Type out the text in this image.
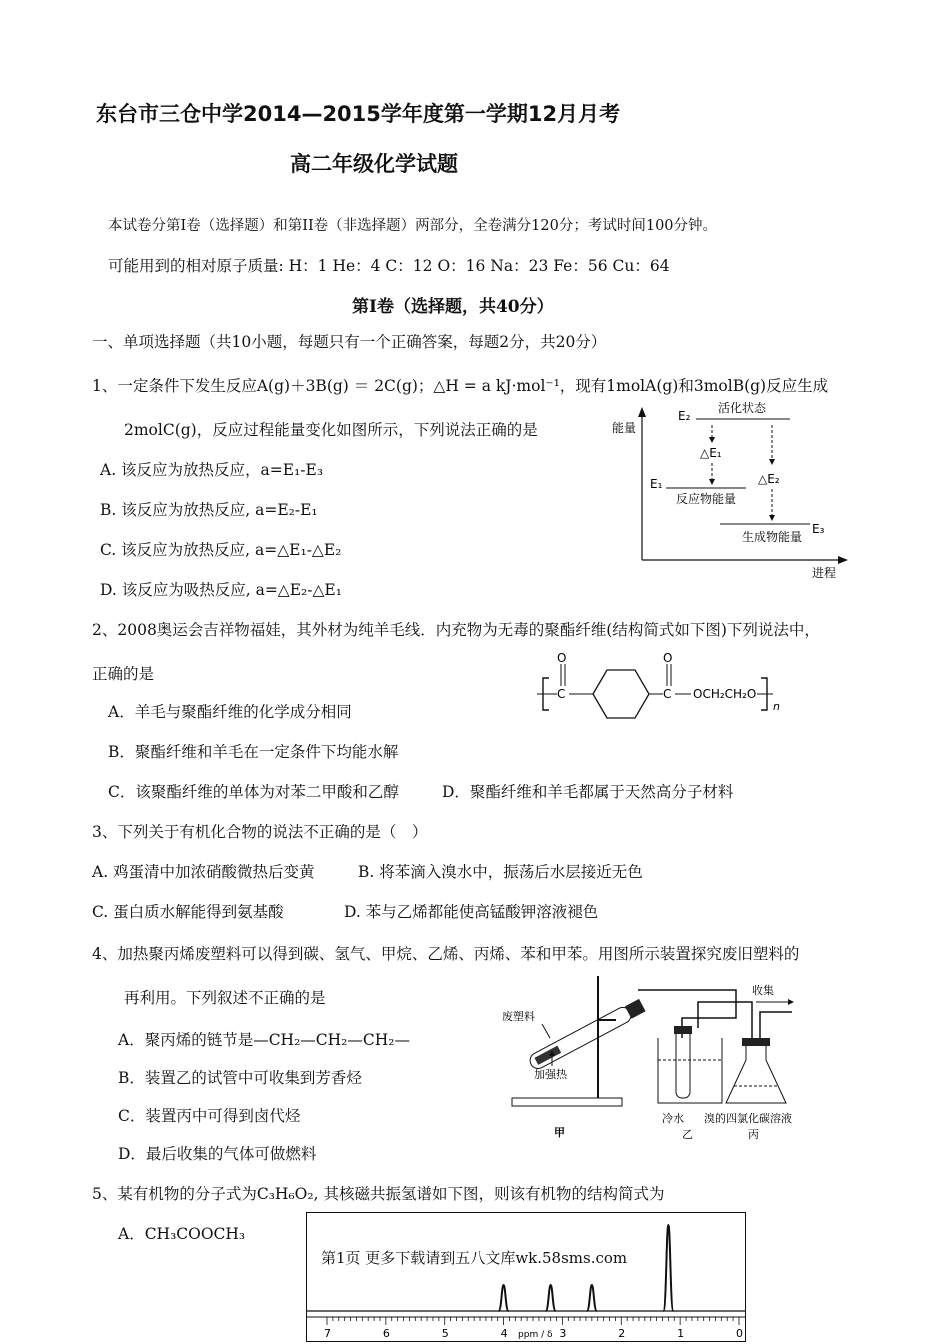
东台市三仓中学2014—2015学年度第一学期12月月考
高二年级化学试题
本试卷分第Ⅰ卷（选择题）和第II卷（非选择题）两部分，全卷满分120分；考试时间100分钟。
可能用到的相对原子质量: H：1 He：4 C：12 O：16 Na：23 Fe：56 Cu：64
第Ⅰ卷（选择题，共40分）
一、单项选择题（共10小题，每题只有一个正确答案，每题2分，共20分）
1、一定条件下发生反应A(g)＋3B(g) ＝ 2C(g)；△H = a kJ·mol⁻¹，现有1molA(g)和3molB(g)反应生成
2molC(g)，反应过程能量变化如图所示，下列说法正确的是
A. 该反应为放热反应，a=E₁-E₃
B. 该反应为放热反应, a=E₂-E₁
C. 该反应为放热反应, a=△E₁-△E₂
D. 该反应为吸热反应, a=△E₂-△E₁
能量
进程
E₂
活化状态
E₁
反应物能量
E₃
生成物能量
△E₁
△E₂
2、2008奥运会吉祥物福娃，其外材为纯羊毛线．内充物为无毒的聚酯纤维(结构简式如下图)下列说法中，
正确的是
A．羊毛与聚酯纤维的化学成分相同
B．聚酯纤维和羊毛在一定条件下均能水解
C．该聚酯纤维的单体为对苯二甲酸和乙醇	D．聚酯纤维和羊毛都属于天然高分子材料
C
O
C
O
OCH₂CH₂O
n
3、下列关于有机化合物的说法不正确的是（　）
A. 鸡蛋清中加浓硝酸微热后变黄	B. 将苯滴入溴水中，振荡后水层接近无色
C. 蛋白质水解能得到氨基酸	D. 苯与乙烯都能使高锰酸钾溶液褪色
4、加热聚丙烯废塑料可以得到碳、氢气、甲烷、乙烯、丙烯、苯和甲苯。用图所示装置探究废旧塑料的
再利用。下列叙述不正确的是
A．聚丙烯的链节是—CH₂—CH₂—CH₂—
B．装置乙的试管中可收集到芳香烃
C．装置丙中可得到卤代烃
D．最后收集的气体可做燃料
废塑料
加强热
收集
冷水 溴的四氯化碳溶液
甲	乙	丙
5、某有机物的分子式为C₃H₆O₂, 其核磁共振氢谱如下图，则该有机物的结构简式为
A．CH₃COOCH₃
第1页 更多下载请到五八文库wk.58sms.com
7	6	5	4 ppm / δ 3	2	1	0
